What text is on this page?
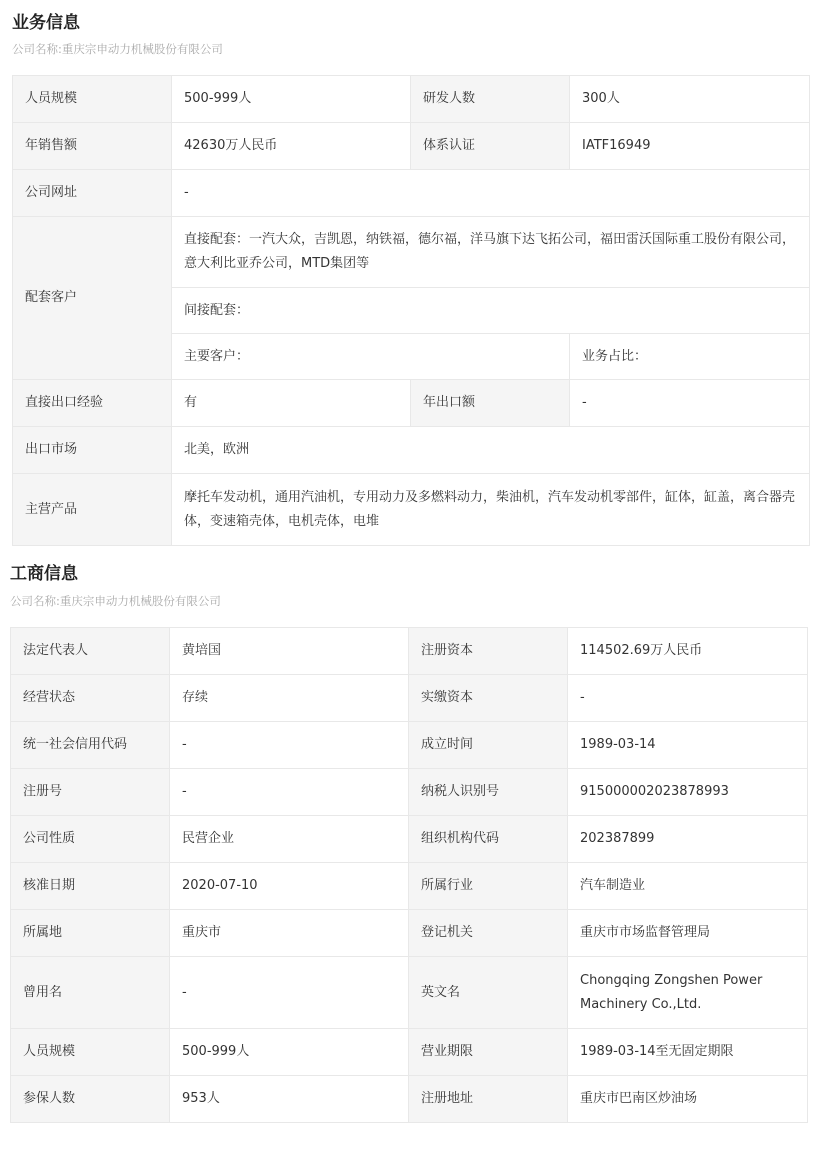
业务信息
公司名称:重庆宗申动力机械股份有限公司
人员规模	500-999人	研发人数	300人
年销售额	42630万人民币	体系认证	IATF16949
公司网址	-		
配套客户	直接配套：一汽大众，吉凯恩，纳铁福，德尔福，洋马旗下达飞拓公司，福田雷沃国际重工股份有限公司，意大利比亚乔公司，MTD集团等		
	间接配套：		
	主要客户：		业务占比：
直接出口经验	有	年出口额	-
出口市场	北美，欧洲		
主营产品	摩托车发动机，通用汽油机，专用动力及多燃料动力，柴油机，汽车发动机零部件，缸体，缸盖，离合器壳体，变速箱壳体，电机壳体，电堆		
工商信息
公司名称:重庆宗申动力机械股份有限公司
法定代表人	黄培国	注册资本	114502.69万人民币
经营状态	存续	实缴资本	-
统一社会信用代码	-	成立时间	1989-03-14
注册号	-	纳税人识别号	915000002023878993
公司性质	民营企业	组织机构代码	202387899
核准日期	2020-07-10	所属行业	汽车制造业
所属地	重庆市	登记机关	重庆市市场监督管理局
曾用名	-	英文名	Chongqing Zongshen Power Machinery Co.,Ltd.
人员规模	500-999人	营业期限	1989-03-14至无固定期限
参保人数	953人	注册地址	重庆市巴南区炒油场
